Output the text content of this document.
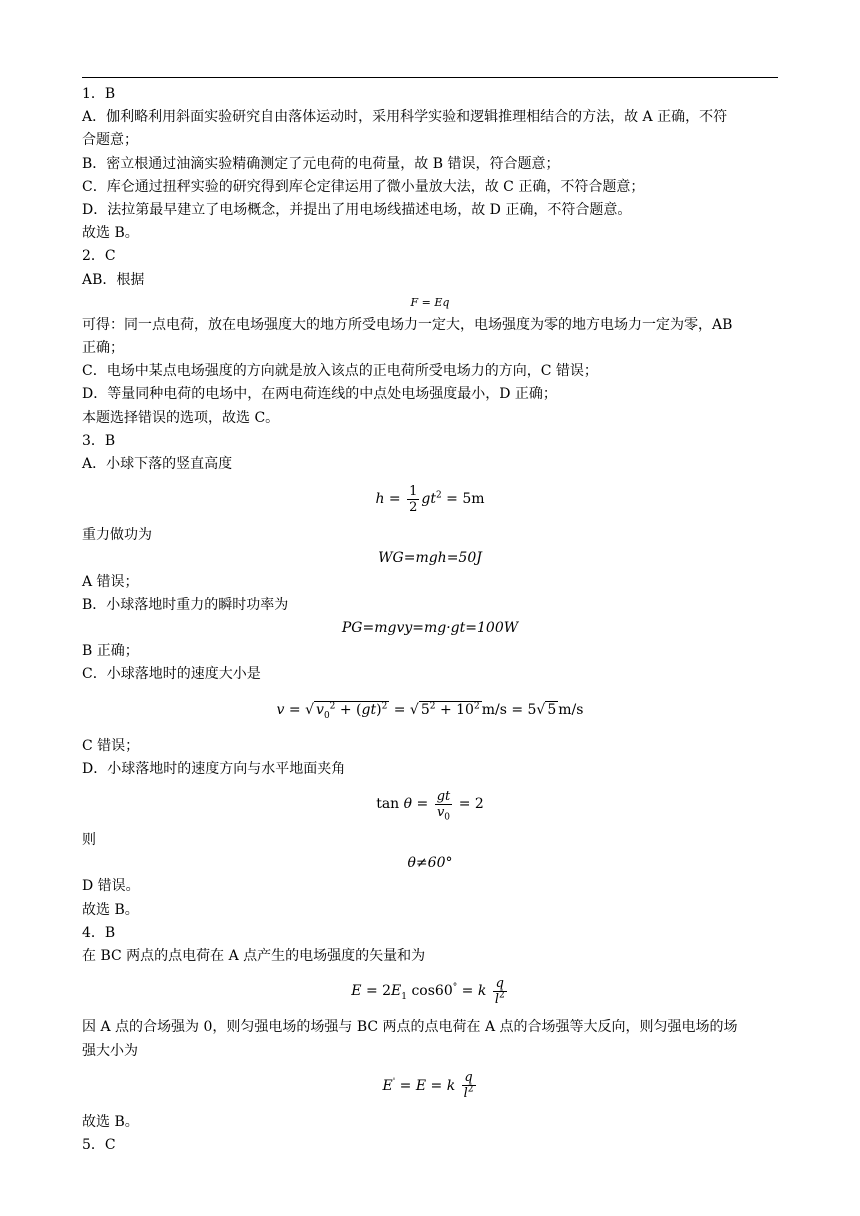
1．B

A．伽利略利用斜面实验研究自由落体运动时，采用科学实验和逻辑推理相结合的方法，故 A 正确，不符

合题意；

B．密立根通过油滴实验精确测定了元电荷的电荷量，故 B 错误，符合题意；

C．库仑通过扭秤实验的研究得到库仑定律运用了微小量放大法，故 C 正确，不符合题意；

D．法拉第最早建立了电场概念，并提出了用电场线描述电场，故 D 正确，不符合题意。

故选 B。

2．C

AB．根据

F = Eq

可得：同一点电荷，放在电场强度大的地方所受电场力一定大，电场强度为零的地方电场力一定为零，AB

正确；

C．电场中某点电场强度的方向就是放入该点的正电荷所受电场力的方向，C 错误；

D．等量同种电荷的电场中，在两电荷连线的中点处电场强度最小，D 正确；

本题选择错误的选项，故选 C。

3．B

A．小球下落的竖直高度

$h = \frac{1}{2} gt^2 = 5m$

重力做功为

WG=mgh=50J

A 错误；

B．小球落地时重力的瞬时功率为

PG=mgvy=mg·gt=100W

B 正确；

C．小球落地时的速度大小是

v = √ $v_0^2 + (gt)^2$ = √ $5^2 + 10^2$ m/s = 5√ 5 m/s

C 错误；

D．小球落地时的速度方向与水平地面夹角

$\tan \theta = \frac{gt}{v_0} = 2$

则

θ≠60°

D 错误。

故选 B。

4．B

在 BC 两点的点电荷在 A 点产生的电场强度的矢量和为

$E = 2E_1$ cos60° = k $\frac{q}{l^2}$

因 A 点的合场强为 0，则匀强电场的场强与 BC 两点的点电荷在 A 点的合场强等大反向，则匀强电场的场

强大小为

E' = E = k $\frac{q}{l^2}$

故选 B。

5．C
